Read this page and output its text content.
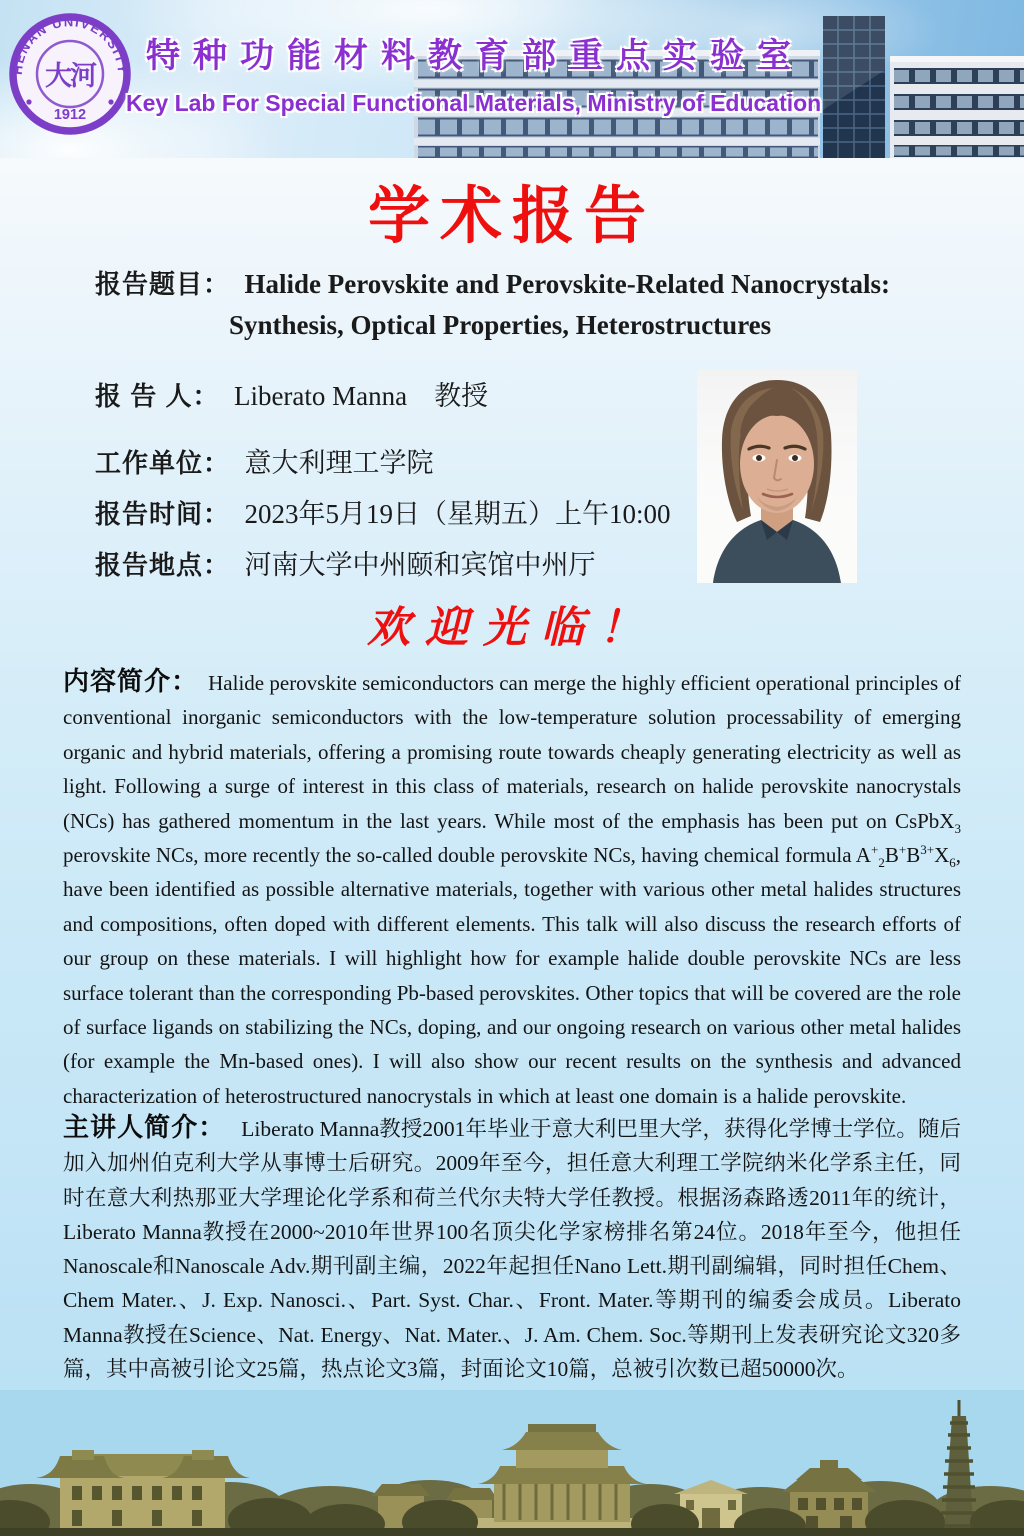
HENAN UNIVERSITY
1912
大河
特种功能材料教育部重点实验室
Key Lab For Special Functional Materials, Ministry of Education
学术报告
报告题目： Halide Perovskite and Perovskite-Related Nanocrystals:
Synthesis, Optical Properties, Heterostructures
报 告 人： Liberato Manna　教授
工作单位： 意大利理工学院
报告时间： 2023年5月19日（星期五）上午10:00
报告地点： 河南大学中州颐和宾馆中州厅
欢迎光临！

内容简介： Halide perovskite semiconductors can merge the highly efficient operational principles of conventional inorganic semiconductors with the low-temperature solution processability of emerging organic and hybrid materials, offering a promising route towards cheaply generating electricity as well as light. Following a surge of interest in this class of materials, research on halide perovskite nanocrystals (NCs) has gathered momentum in the last years. While most of the emphasis has been put on CsPbX$_3$ perovskite NCs, more recently the so-called double perovskite NCs, having chemical formula $A^+_2B^+B^{3+}X_6$, have been identified as possible alternative materials, together with various other metal halides structures and compositions, often doped with different elements. This talk will also discuss the research efforts of our group on these materials. I will highlight how for example halide double perovskite NCs are less surface tolerant than the corresponding Pb-based perovskites. Other topics that will be covered are the role of surface ligands on stabilizing the NCs, doping, and our ongoing research on various other metal halides (for example the Mn-based ones). I will also show our recent results on the synthesis and advanced characterization of heterostructured nanocrystals in which at least one domain is a halide perovskite.

主讲人简介： Liberato Manna教授2001年毕业于意大利巴里大学，获得化学博士学位。随后加入加州伯克利大学从事博士后研究。2009年至今，担任意大利理工学院纳米化学系主任，同时在意大利热那亚大学理论化学系和荷兰代尔夫特大学任教授。根据汤森路透2011年的统计，Liberato Manna教授在2000~2010年世界100名顶尖化学家榜排名第24位。2018年至今，他担任Nanoscale和Nanoscale Adv.期刊副主编，2022年起担任Nano Lett.期刊副编辑，同时担任Chem、Chem Mater.、J. Exp. Nanosci.、Part. Syst. Char.、Front. Mater.等期刊的编委会成员。Liberato Manna教授在Science、Nat. Energy、Nat. Mater.、J. Am. Chem. Soc.等期刊上发表研究论文320多篇，其中高被引论文25篇，热点论文3篇，封面论文10篇，总被引次数已超50000次。
